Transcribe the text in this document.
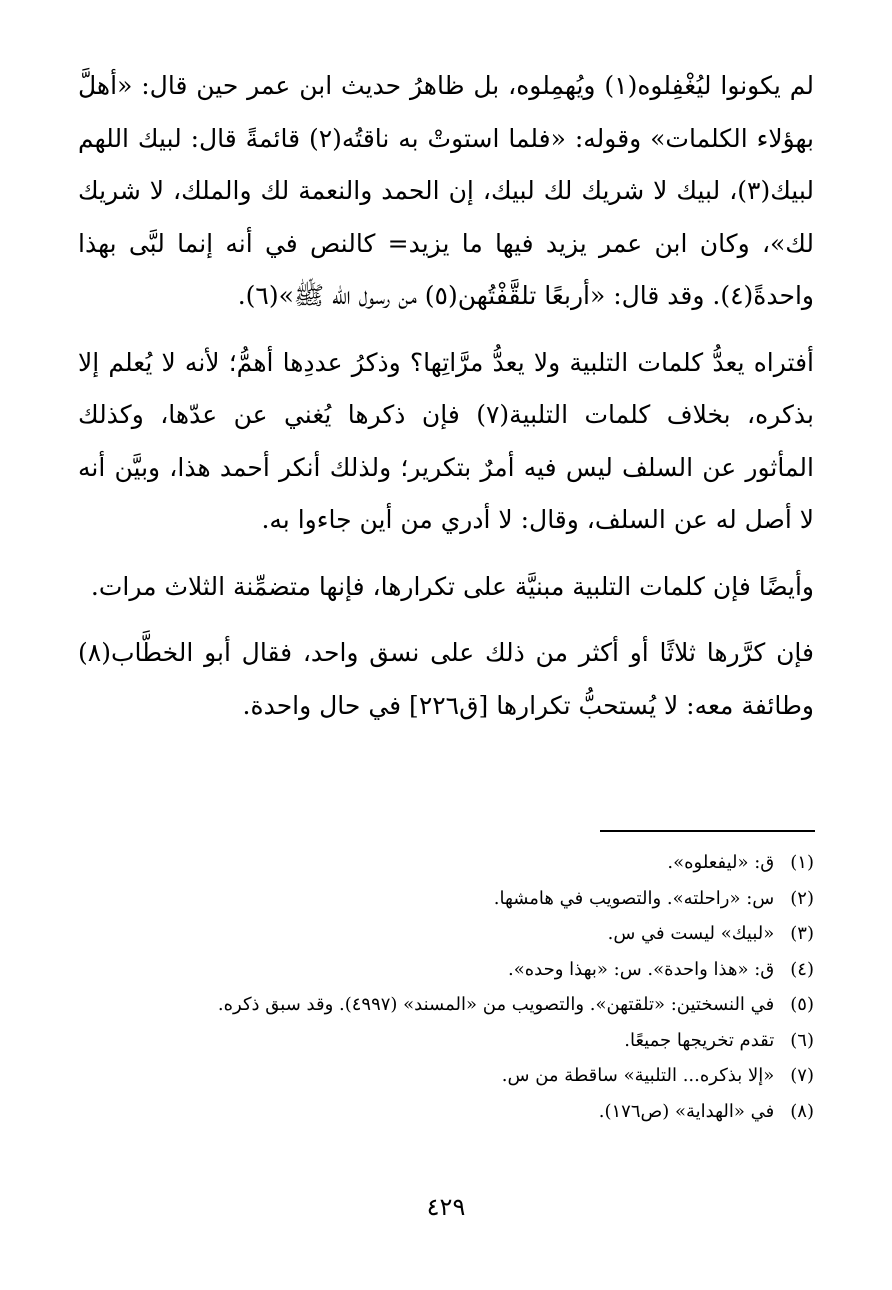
لم يكونوا ليُغْفِلوه(١) ويُهمِلوه، بل ظاهرُ حديث ابن عمر حين قال: «أهلَّ بهؤلاء الكلمات» وقوله: «فلما استوتْ به ناقتُه(٢) قائمةً قال: لبيك اللهم لبيك(٣)، لبيك لا شريك لك لبيك، إن الحمد والنعمة لك والملك، لا شريك لك»، وكان ابن عمر يزيد فيها ما يزيد= كالنص في أنه إنما لبَّى بهذا واحدةً(٤). وقد قال: «أربعًا تلقَّفْتُهن(٥) من رسول الله ﷺ»(٦).

أفتراه يعدُّ كلمات التلبية ولا يعدُّ مرَّاتِها؟ وذكرُ عددِها أهمُّ؛ لأنه لا يُعلم إلا بذكره، بخلاف كلمات التلبية(٧) فإن ذكرها يُغني عن عدّها، وكذلك المأثور عن السلف ليس فيه أمرٌ بتكرير؛ ولذلك أنكر أحمد هذا، وبيَّن أنه لا أصل له عن السلف، وقال: لا أدري من أين جاءوا به.

وأيضًا فإن كلمات التلبية مبنيَّة على تكرارها، فإنها متضمِّنة الثلاث مرات.

فإن كرَّرها ثلاثًا أو أكثر من ذلك على نسق واحد، فقال أبو الخطَّاب(٨) وطائفة معه: لا يُستحبُّ تكرارها [ق٢٢٦] في حال واحدة.

(١) ق: «ليفعلوه».

(٢) س: «راحلته». والتصويب في هامشها.

(٣) «لبيك» ليست في س.

(٤) ق: «هذا واحدة». س: «بهذا وحده».

(٥) في النسختين: «تلقتهن». والتصويب من «المسند» (٤٩٩٧). وقد سبق ذكره.

(٦) تقدم تخريجها جميعًا.

(٧) «إلا بذكره... التلبية» ساقطة من س.

(٨) في «الهداية» (ص١٧٦).

٤٢٩
